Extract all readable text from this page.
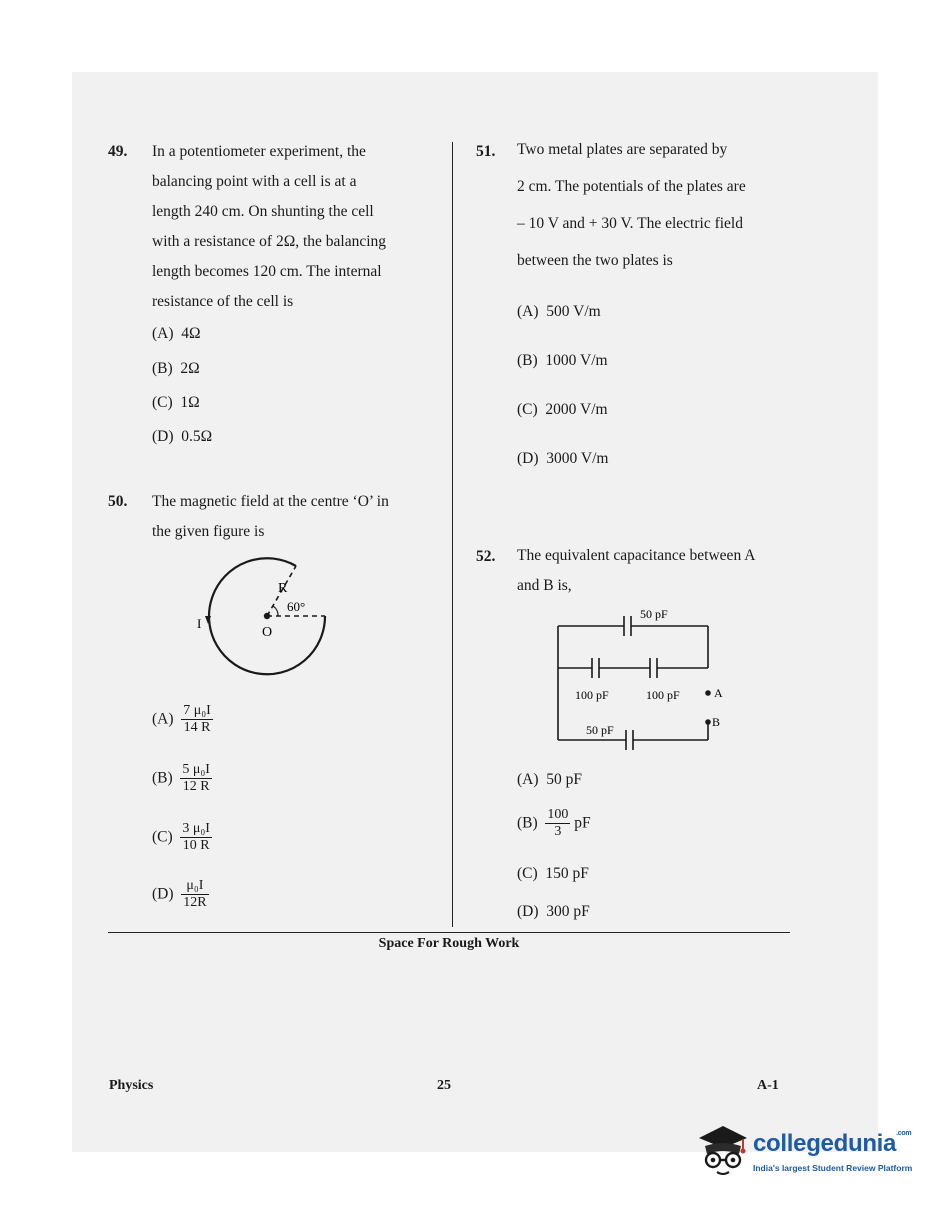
49. In a potentiometer experiment, the
balancing point with a cell is at a
length 240 cm. On shunting the cell
with a resistance of 2Ω, the balancing
length becomes 120 cm. The internal
resistance of the cell is
(A) 4Ω
(B) 2Ω
(C) 1Ω
(D) 0.5Ω
50. The magnetic field at the centre ‘O’ in
the given figure is
R
60°
O
I
$(A) \frac{\text{7 μ₀I}}{14 R}$
$(B) \frac{\text{5 μ₀I}}{12 R}$
$(C) \frac{\text{3 μ₀I}}{10 R}$
$(D) \frac{\text{μ₀I}}{12R}$
51. Two metal plates are separated by
2 cm. The potentials of the plates are
– 10 V and + 30 V. The electric field
between the two plates is
(A) 500 V/m
(B) 1000 V/m
(C) 2000 V/m
(D) 3000 V/m
52. The equivalent capacitance between A
and B is,
50 pF
100 pF	100 pF
50 pF
A
B
(A) 50 pF
$(B) \frac{100}{3}$ pF
(C) 150 pF
(D) 300 pF
Space For Rough Work
Physics	25	A-1
collegedunia$^{.com}$
India's largest Student Review Platform
